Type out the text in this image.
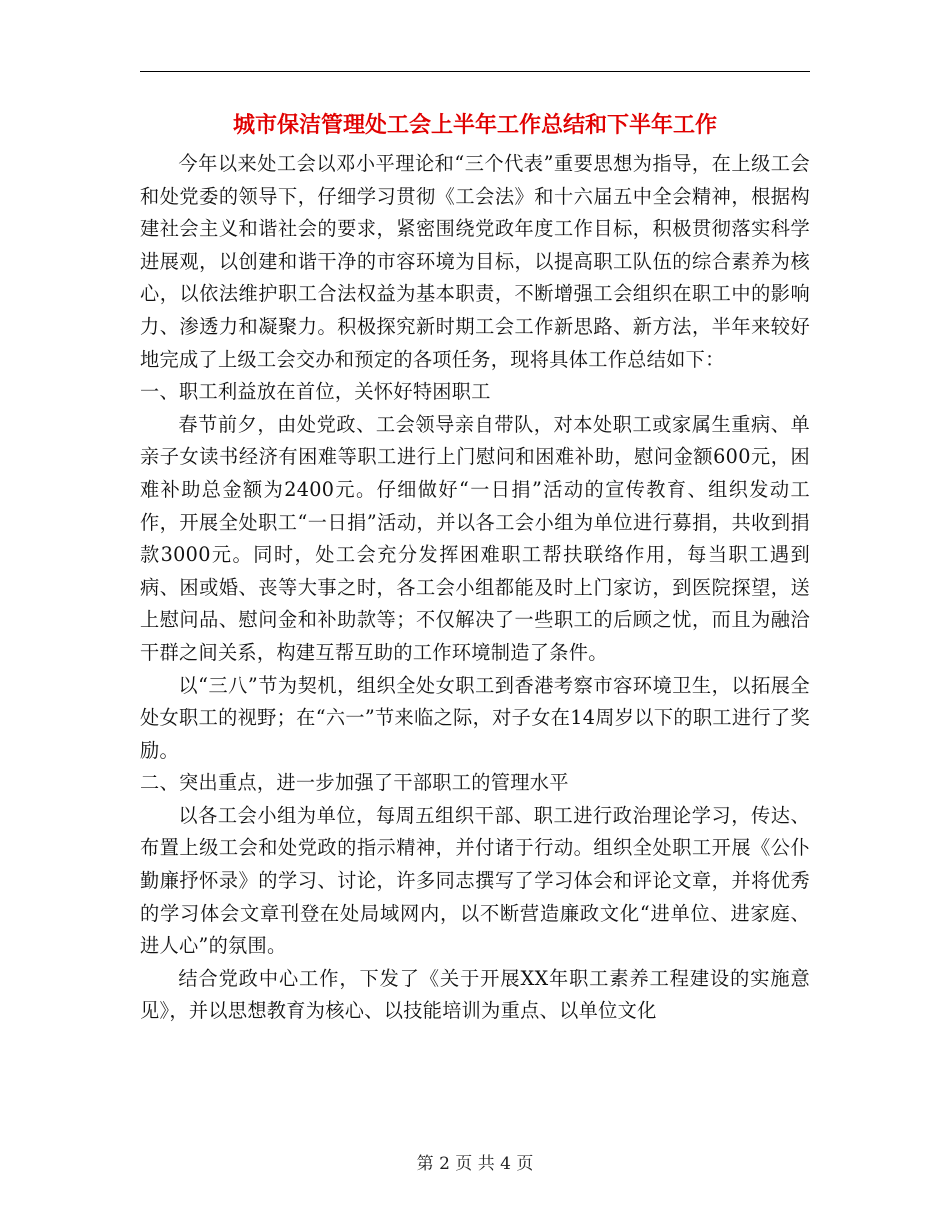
城市保洁管理处工会上半年工作总结和下半年工作

今年以来处工会以邓小平理论和“三个代表”重要思想为指导，在上级工会和处党委的领导下，仔细学习贯彻《工会法》和十六届五中全会精神，根据构建社会主义和谐社会的要求，紧密围绕党政年度工作目标，积极贯彻落实科学进展观，以创建和谐干净的市容环境为目标，以提高职工队伍的综合素养为核心，以依法维护职工合法权益为基本职责，不断增强工会组织在职工中的影响力、渗透力和凝聚力。积极探究新时期工会工作新思路、新方法，半年来较好地完成了上级工会交办和预定的各项任务，现将具体工作总结如下：

一、职工利益放在首位，关怀好特困职工

春节前夕，由处党政、工会领导亲自带队，对本处职工或家属生重病、单亲子女读书经济有困难等职工进行上门慰问和困难补助，慰问金额600元，困难补助总金额为2400元。仔细做好“一日捐”活动的宣传教育、组织发动工作，开展全处职工“一日捐”活动，并以各工会小组为单位进行募捐，共收到捐款3000元。同时，处工会充分发挥困难职工帮扶联络作用，每当职工遇到病、困或婚、丧等大事之时，各工会小组都能及时上门家访，到医院探望，送上慰问品、慰问金和补助款等；不仅解决了一些职工的后顾之忧，而且为融洽干群之间关系，构建互帮互助的工作环境制造了条件。

以“三八”节为契机，组织全处女职工到香港考察市容环境卫生，以拓展全处女职工的视野；在“六一”节来临之际，对子女在14周岁以下的职工进行了奖励。

二、突出重点，进一步加强了干部职工的管理水平

以各工会小组为单位，每周五组织干部、职工进行政治理论学习，传达、布置上级工会和处党政的指示精神，并付诸于行动。组织全处职工开展《公仆勤廉抒怀录》的学习、讨论，许多同志撰写了学习体会和评论文章，并将优秀的学习体会文章刊登在处局域网内，以不断营造廉政文化“进单位、进家庭、进人心”的氛围。

结合党政中心工作，下发了《关于开展XX年职工素养工程建设的实施意见》，并以思想教育为核心、以技能培训为重点、以单位文化

第 2 页 共 4 页
